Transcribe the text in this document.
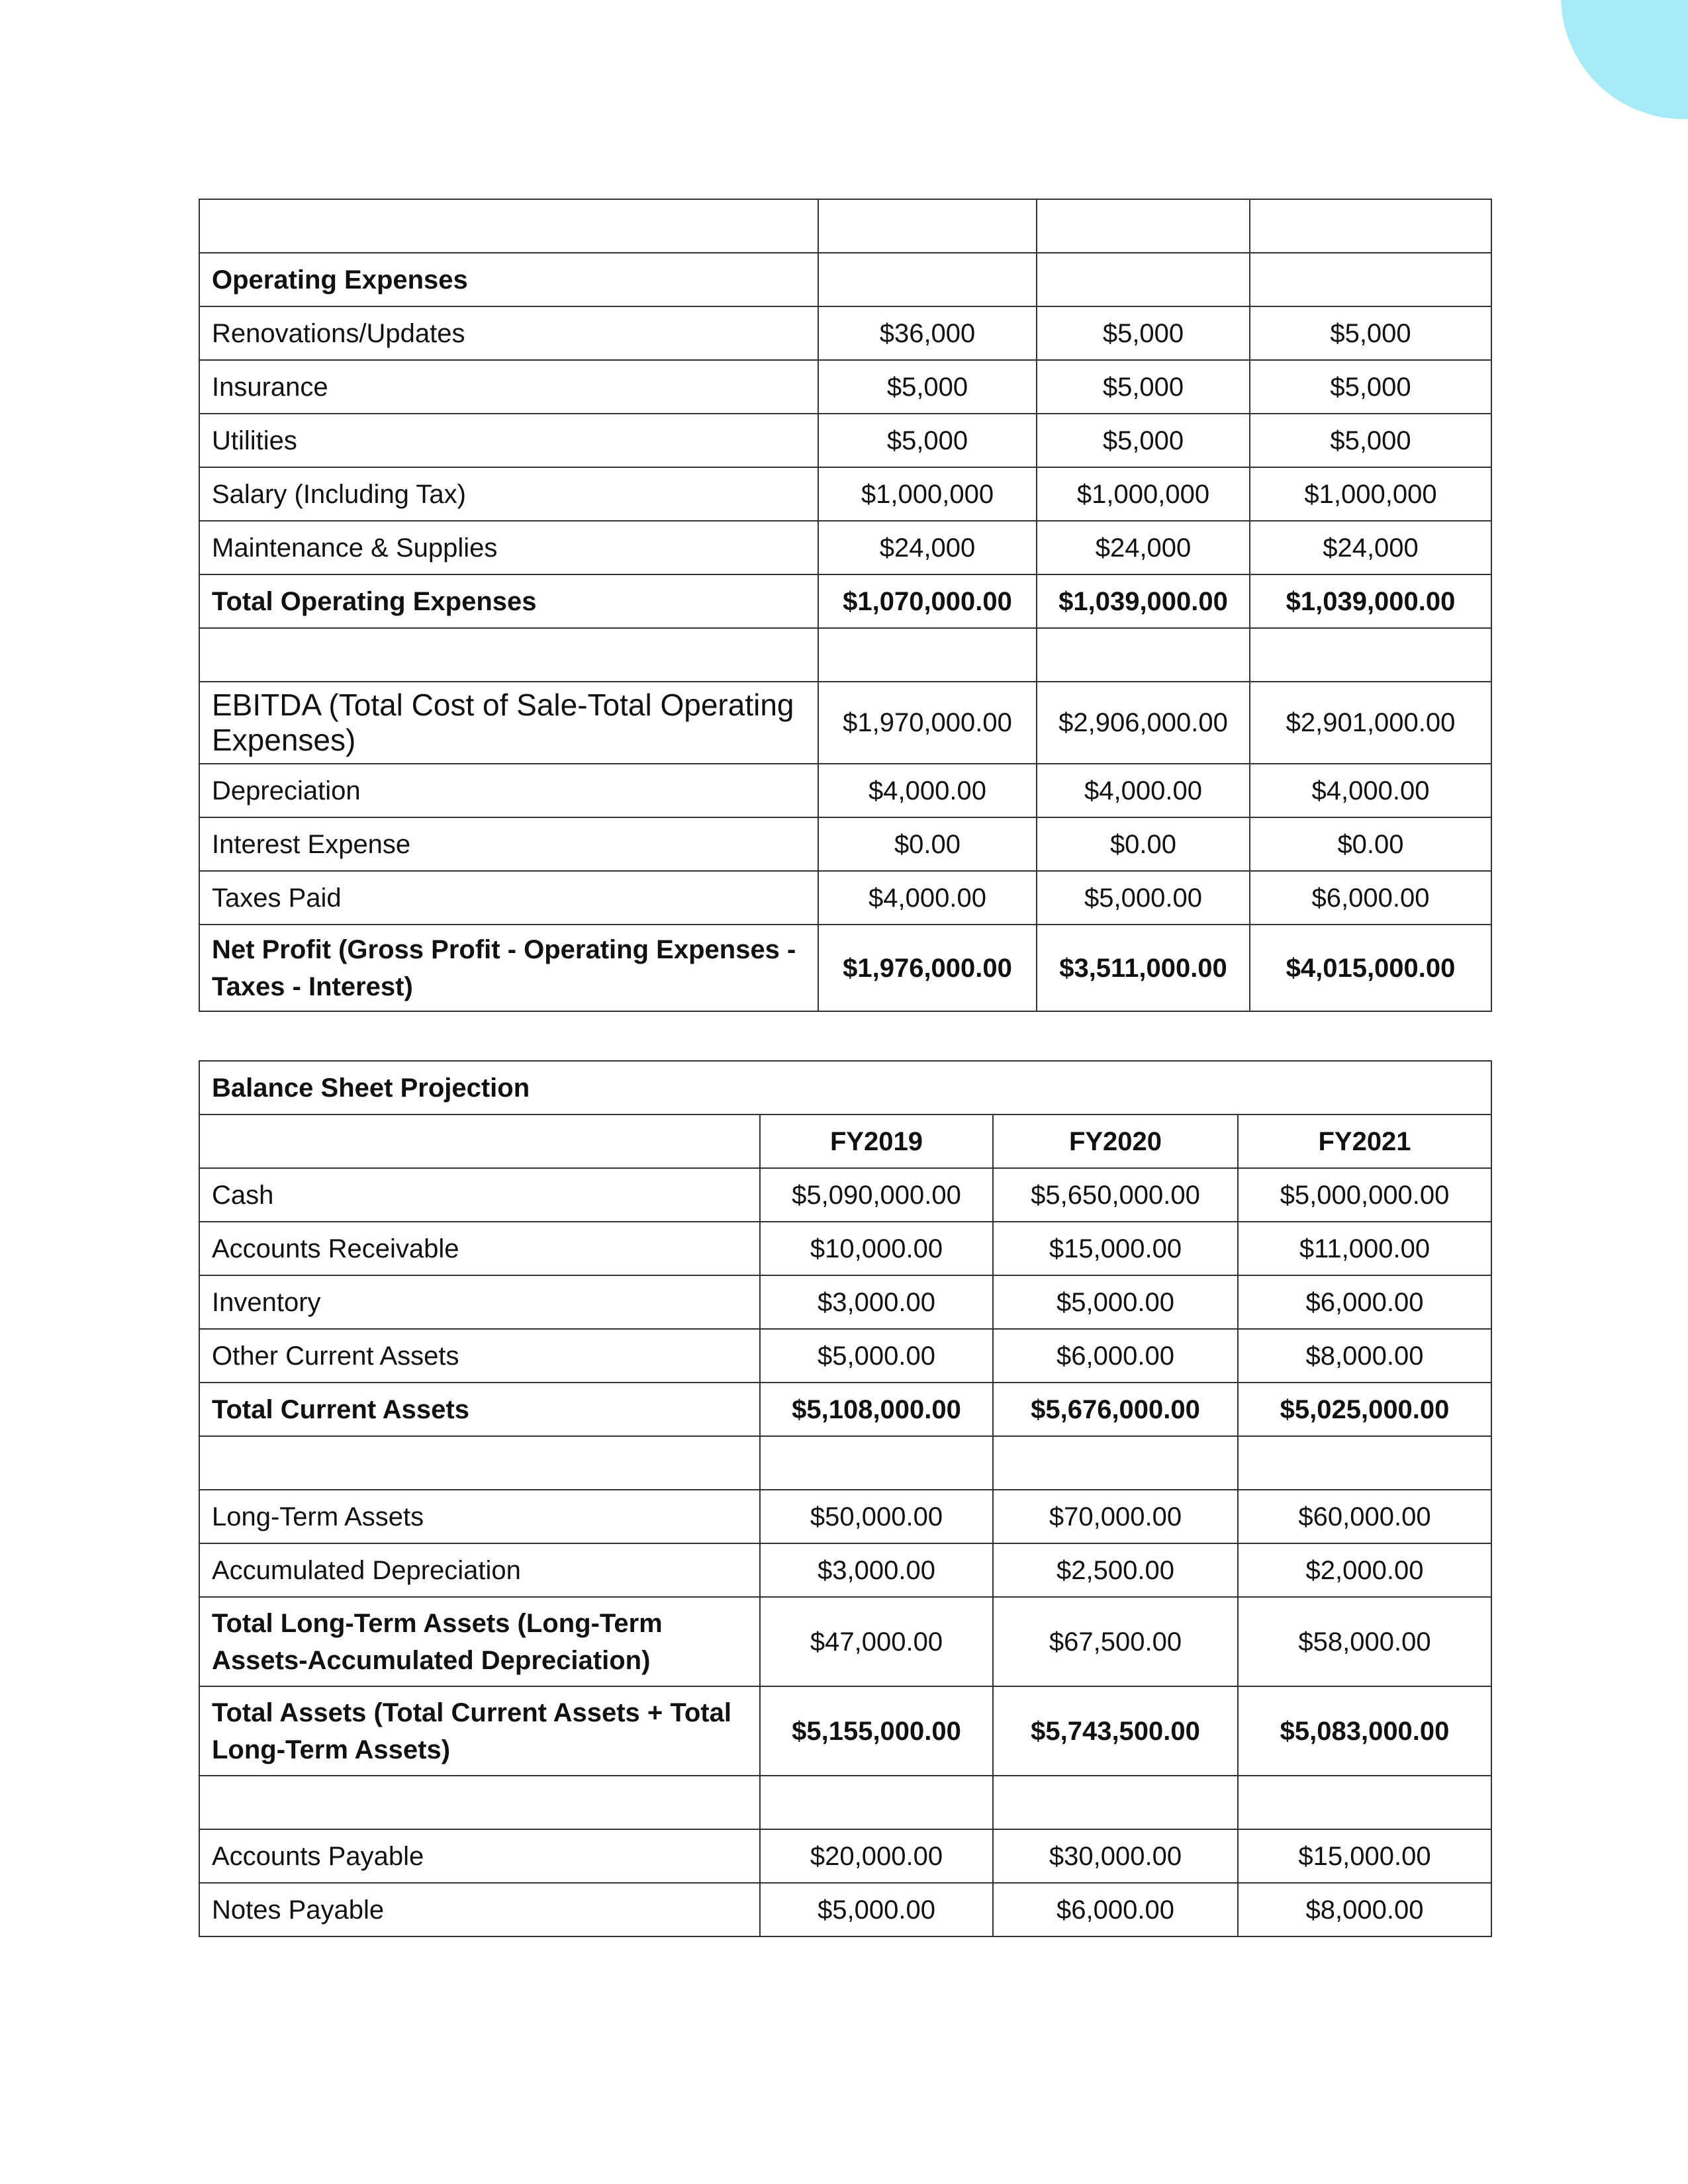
Operating Expenses			
Renovations/Updates	$36,000	$5,000	$5,000
Insurance	$5,000	$5,000	$5,000
Utilities	$5,000	$5,000	$5,000
Salary (Including Tax)	$1,000,000	$1,000,000	$1,000,000
Maintenance & Supplies	$24,000	$24,000	$24,000
Total Operating Expenses	$1,070,000.00	$1,039,000.00	$1,039,000.00

EBITDA (Total Cost of Sale-Total Operating Expenses)	$1,970,000.00	$2,906,000.00	$2,901,000.00
Depreciation	$4,000.00	$4,000.00	$4,000.00
Interest Expense	$0.00	$0.00	$0.00
Taxes Paid	$4,000.00	$5,000.00	$6,000.00
Net Profit (Gross Profit - Operating Expenses - Taxes - Interest)	$1,976,000.00	$3,511,000.00	$4,015,000.00
Balance Sheet Projection			
	FY2019	FY2020	FY2021
Cash	$5,090,000.00	$5,650,000.00	$5,000,000.00
Accounts Receivable	$10,000.00	$15,000.00	$11,000.00
Inventory	$3,000.00	$5,000.00	$6,000.00
Other Current Assets	$5,000.00	$6,000.00	$8,000.00
Total Current Assets	$5,108,000.00	$5,676,000.00	$5,025,000.00

Long-Term Assets	$50,000.00	$70,000.00	$60,000.00
Accumulated Depreciation	$3,000.00	$2,500.00	$2,000.00
Total Long-Term Assets (Long-Term Assets-Accumulated Depreciation)	$47,000.00	$67,500.00	$58,000.00
Total Assets (Total Current Assets + Total Long-Term Assets)	$5,155,000.00	$5,743,500.00	$5,083,000.00

Accounts Payable	$20,000.00	$30,000.00	$15,000.00
Notes Payable	$5,000.00	$6,000.00	$8,000.00
